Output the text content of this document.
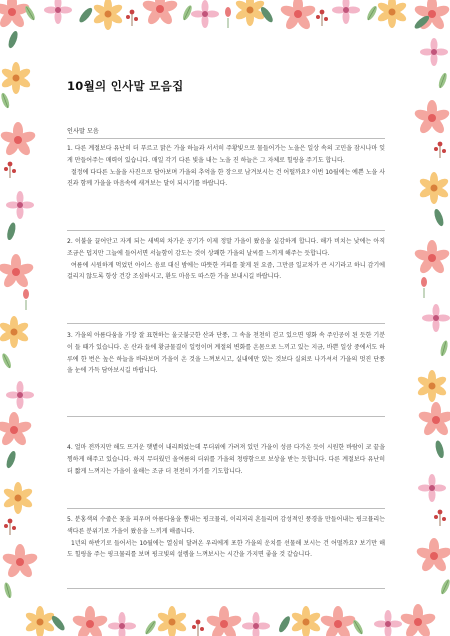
10월의 인사말 모음집
인사말 모음

1. 다른 계절보다 유난히 더 푸르고 맑은 가을 하늘과 서서히 주황빛으로 물들어가는 노을은 일상 속의 고민을 잠시나마 잊게 만들어주는 매력이 있습니다. 매일 각기 다른 빛을 내는 노을 진 하늘은 그 자체로 힐링을 주기도 합니다.

절정에 다다른 노을을 사진으로 담아보며 가을의 추억을 한 장으로 남겨보시는 건 어떨까요? 이번 10월에는 예쁜 노을 사진과 함께 가을을 마음속에 새겨보는 달이 되시기를 바랍니다.

2. 이불을 끌어안고 자게 되는 새벽의 차가운 공기가 이제 정말 가을이 왔음을 실감하게 합니다. 해가 비치는 낮에는 아직 조금은 덥지만 그늘에 들어서면 서늘함이 감도는 것이 상쾌한 가을의 날씨를 느끼게 해주는 듯합니다.

여름에 시원하게 먹었던 아이스 음료 대신 밤에는 따뜻한 커피를 찾게 된 요즘, 그만큼 일교차가 큰 시기라고 하니 감기에 걸리지 않도록 항상 건강 조심하시고, 환도 마음도 따스한 가을 보내시길 바랍니다.

3. 가을의 아름다움을 가장 잘 표현하는 울긋불긋한 산과 단풍, 그 속을 천천히 걷고 있으면 영화 속 주인공이 된 듯한 기분이 들 때가 있습니다. 온 산과 들에 황금물결이 일렁이며 계절의 변화를 온몸으로 느끼고 있는 지금, 바쁜 일상 중에서도 하루에 한 번은 높은 하늘을 바라보며 가을이 온 것을 느껴보시고, 실내에만 있는 것보다 실외로 나가셔서 가을의 멋진 단풍을 눈에 가득 담아보시길 바랍니다.

4. 얼마 전까지만 해도 뜨거운 햇볕이 내리쬐었는데 무더위에 가려져 있던 가을이 성큼 다가온 듯이 시원한 바람이 코 끝을 찡하게 해주고 있습니다. 하지 무더웠던 올여름의 더위를 가을의 청량함으로 보상을 받는 듯합니다. 다른 계절보다 유난히 더 짧게 느껴지는 가을이 올해는 조금 더 천천히 가기를 기도합니다.

5. 분홍색의 수줍은 꽃을 피우며 아름다움을 뽐내는 핑크뮬리, 이리저리 흔들리며 감성적인 풍경을 만들어내는 핑크뮬리는 색다른 분위기로 가을이 왔음을 느끼게 해줍니다.

1년의 하반기로 들어서는 10월에는 열심히 달려온 우리에게 포한 가을의 운치를 선물해 보시는 건 어떨까요? 보기만 해도 힐링을 주는 핑크뮬리를 보며 핑크빛의 설렘을 느껴보시는 시간을 가지면 좋을 것 같습니다.
